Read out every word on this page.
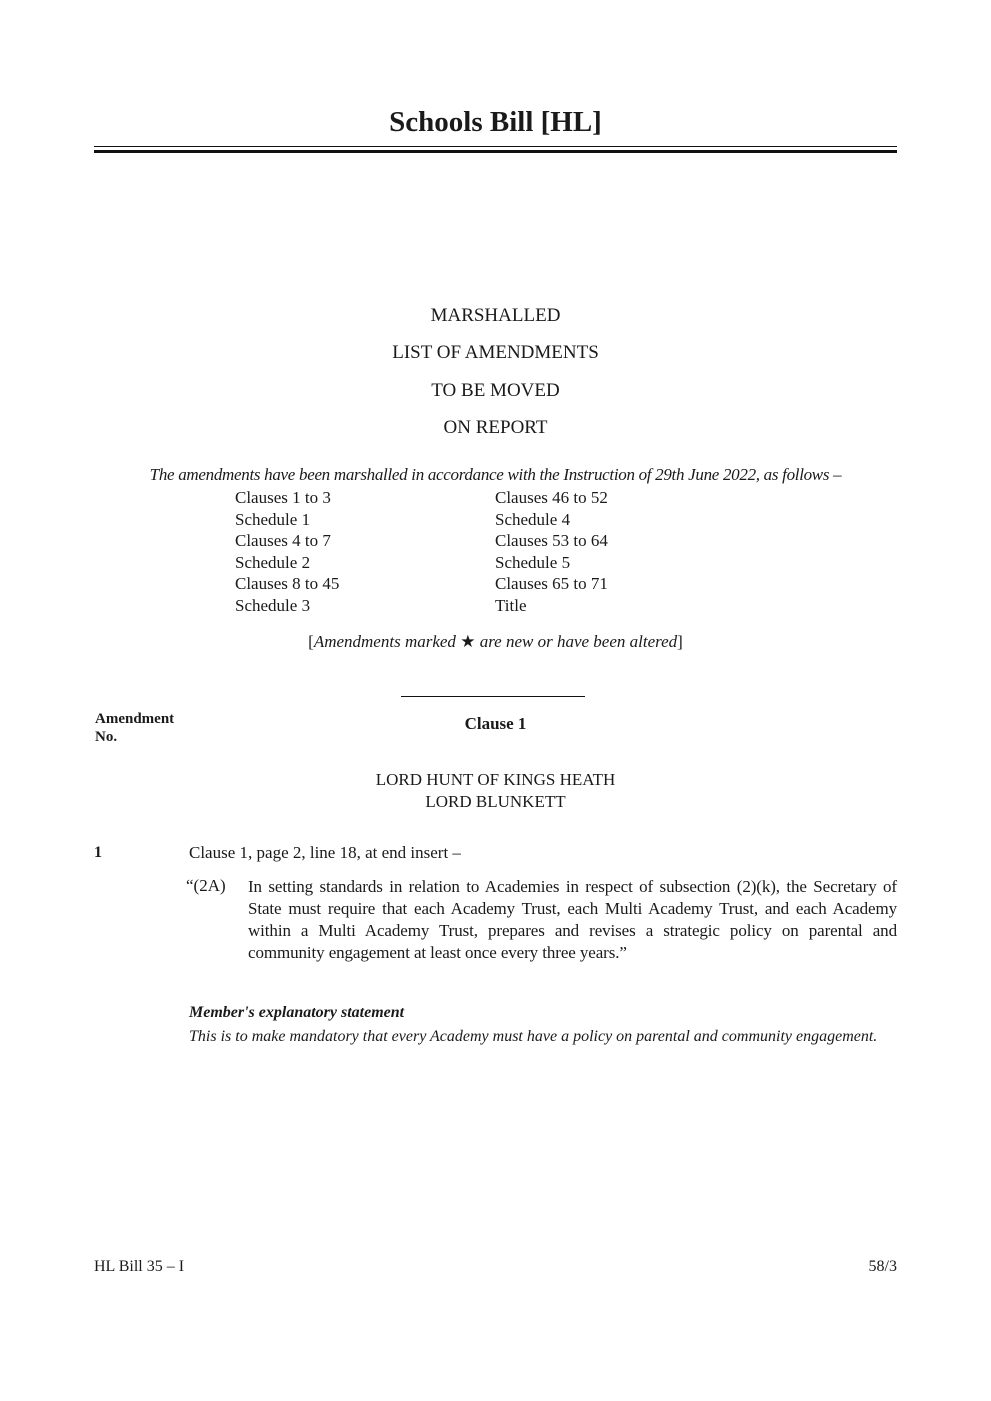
Schools Bill [HL]
MARSHALLED
LIST OF AMENDMENTS
TO BE MOVED
ON REPORT
The amendments have been marshalled in accordance with the Instruction of 29th June 2022, as follows –
Clauses 1 to 3
Schedule 1
Clauses 4 to 7
Schedule 2
Clauses 8 to 45
Schedule 3
Clauses 46 to 52
Schedule 4
Clauses 53 to 64
Schedule 5
Clauses 65 to 71
Title
[Amendments marked ★ are new or have been altered]
Amendment
No.
Clause 1
LORD HUNT OF KINGS HEATH
LORD BLUNKETT
1	Clause 1, page 2, line 18, at end insert –
“(2A) In setting standards in relation to Academies in respect of subsection (2)(k), the Secretary of State must require that each Academy Trust, each Multi Academy Trust, and each Academy within a Multi Academy Trust, prepares and revises a strategic policy on parental and community engagement at least once every three years.”
Member's explanatory statement
This is to make mandatory that every Academy must have a policy on parental and community engagement.
HL Bill 35 – I	58/3
